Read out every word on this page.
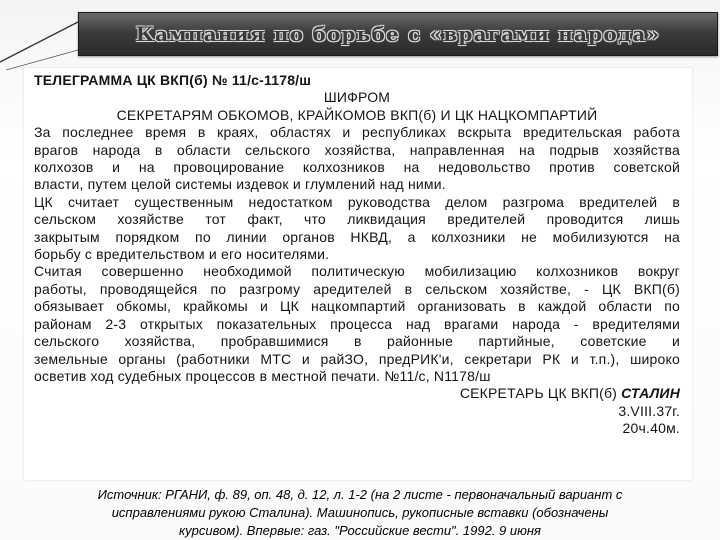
Кампания по борьбе с «врагами народа»

ТЕЛЕГРАММА ЦК ВКП(б) № 11/с-1178/ш

ШИФРОМ

СЕКРЕТАРЯМ ОБКОМОВ, КРАЙКОМОВ ВКП(б) И ЦК НАЦКОМПАРТИЙ

За последнее время в краях, областях и республиках вскрыта вредительская работа

врагов народа в области сельского хозяйства, направленная на подрыв хозяйства

колхозов и на провоцирование колхозников на недовольство против советской

власти, путем целой системы издевок и глумлений над ними.

ЦК считает существенным недостатком руководства делом разгрома вредителей в

сельском хозяйстве тот факт, что ликвидация вредителей проводится лишь

закрытым порядком по линии органов НКВД, а колхозники не мобилизуются на

борьбу с вредительством и его носителями.

Считая совершенно необходимой политическую мобилизацию колхозников вокруг

работы, проводящейся по разгрому аредителей в сельском хозяйстве, - ЦК ВКП(б)

обязывает обкомы, крайкомы и ЦК нацкомпартий организовать в каждой области по

районам 2-3 открытых показательных процесса над врагами народа - вредителями

сельского хозяйства, пробравшимися в районные партийные, советские и

земельные органы (работники МТС и райЗО, предРИК'и, секретари РК и т.п.), широко

осветив ход судебных процессов в местной печати. №11/с, N1178/ш

СЕКРЕТАРЬ ЦК ВКП(б) СТАЛИН

3.VIII.37г.

20ч.40м.

Источник: РГАНИ, ф. 89, оп. 48, д. 12, л. 1-2 (на 2 листе - первоначальный вариант с

исправлениями рукою Сталина). Машинопись, рукописные вставки (обозначены

курсивом). Впервые: газ. "Российские вести". 1992. 9 июня
